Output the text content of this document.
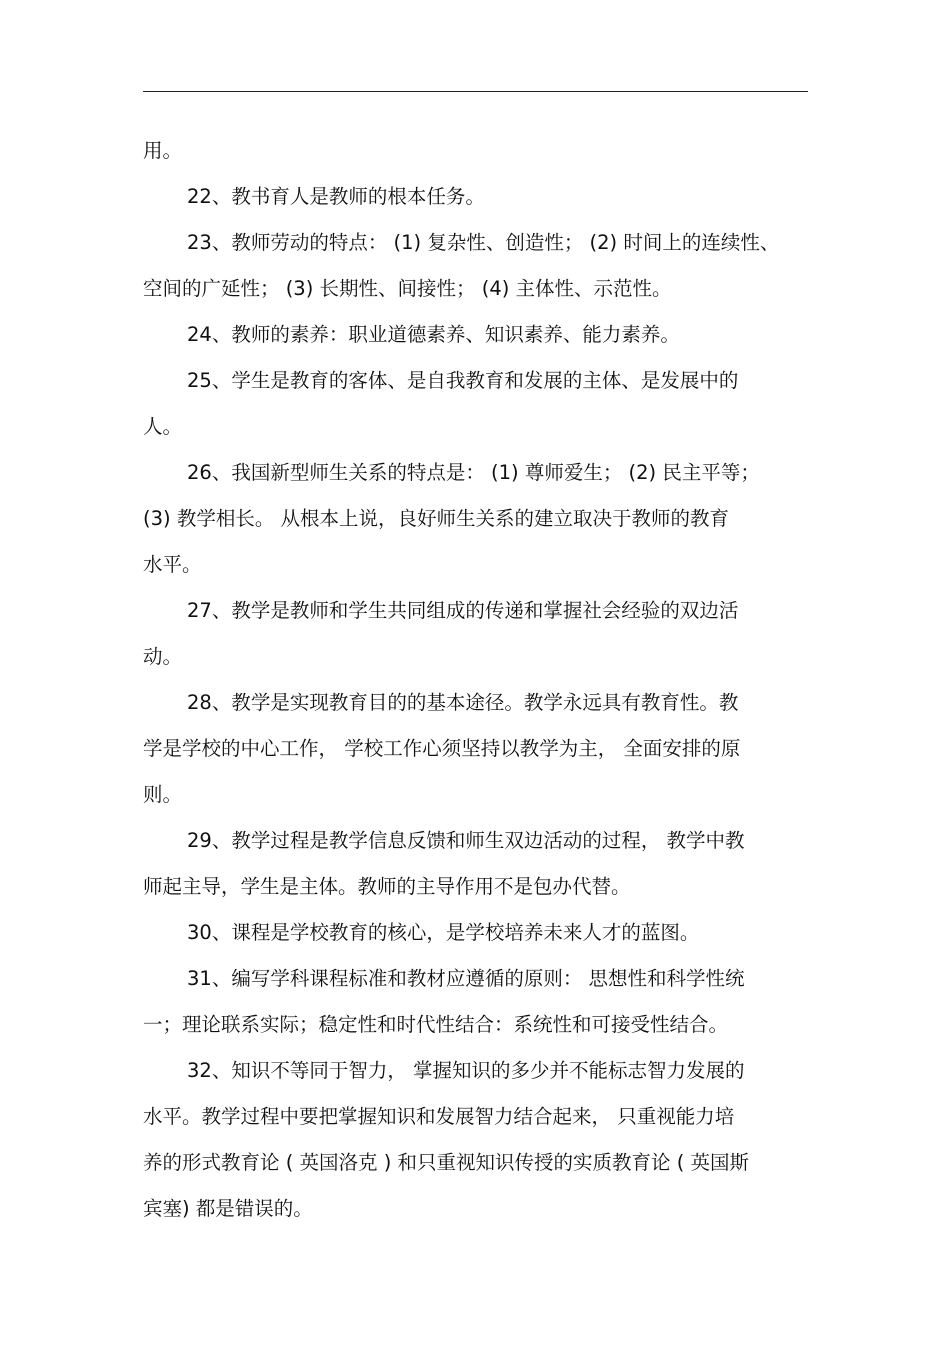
用。
22、教书育人是教师的根本任务。
23、教师劳动的特点： (1) 复杂性、创造性； (2) 时间上的连续性、
空间的广延性； (3) 长期性、间接性； (4) 主体性、示范性。
24、教师的素养：职业道德素养、知识素养、能力素养。
25、学生是教育的客体、是自我教育和发展的主体、是发展中的
人。
26、我国新型师生关系的特点是： (1) 尊师爱生； (2) 民主平等；
(3) 教学相长。 从根本上说，良好师生关系的建立取决于教师的教育
水平。
27、教学是教师和学生共同组成的传递和掌握社会经验的双边活
动。
28、教学是实现教育目的的基本途径。教学永远具有教育性。教
学是学校的中心工作， 学校工作心须坚持以教学为主， 全面安排的原
则。
29、教学过程是教学信息反馈和师生双边活动的过程， 教学中教
师起主导，学生是主体。教师的主导作用不是包办代替。
30、课程是学校教育的核心，是学校培养未来人才的蓝图。
31、编写学科课程标准和教材应遵循的原则： 思想性和科学性统
一；理论联系实际；稳定性和时代性结合：系统性和可接受性结合。
32、知识不等同于智力， 掌握知识的多少并不能标志智力发展的
水平。教学过程中要把掌握知识和发展智力结合起来， 只重视能力培
养的形式教育论 ( 英国洛克 ) 和只重视知识传授的实质教育论 ( 英国斯
宾塞) 都是错误的。
